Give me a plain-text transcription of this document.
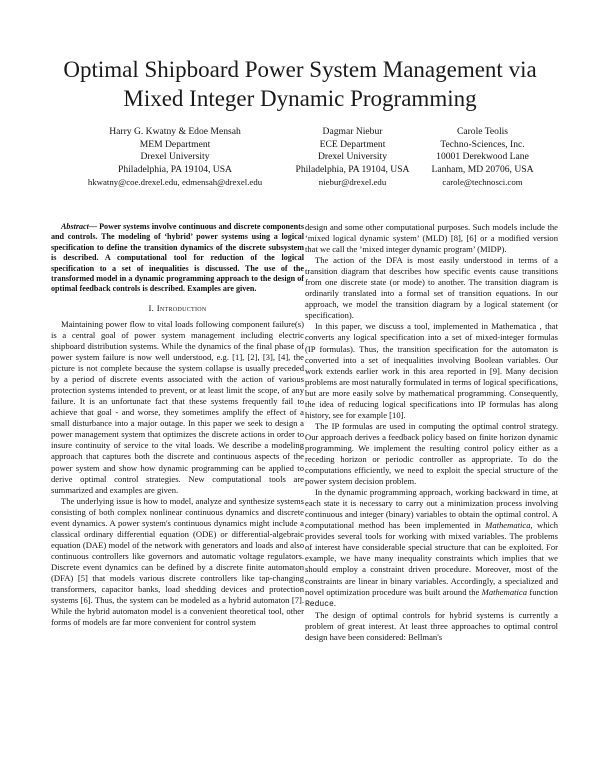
Optimal Shipboard Power System Management via
Mixed Integer Dynamic Programming
Harry G. Kwatny & Edoe Mensah
MEM Department
Drexel University
Philadelphia, PA 19104, USA
hkwatny@coe.drexel.edu, edmensah@drexel.edu
Dagmar Niebur
ECE Department
Drexel University
Philadelphia, PA 19104, USA
niebur@drexel.edu
Carole Teolis
Techno-Sciences, Inc.
10001 Derekwood Lane
Lanham, MD 20706, USA
carole@technosci.com

Abstract— Power systems involve continuous and discrete components and controls. The modeling of ‘hybrid’ power systems using a logical specification to define the transition dynamics of the discrete subsystem is described. A computational tool for reduction of the logical specification to a set of inequalities is discussed. The use of the transformed model in a dynamic programming approach to the design of optimal feedback controls is described. Examples are given.

I. Introduction

Maintaining power flow to vital loads following component failure(s) is a central goal of power system management including electric shipboard distribution systems. While the dynamics of the final phase of power system failure is now well understood, e.g. [1], [2], [3], [4], the picture is not complete because the system collapse is usually preceded by a period of discrete events associated with the action of various protection systems intended to prevent, or at least limit the scope, of any failure. It is an unfortunate fact that these systems frequently fail to achieve that goal - and worse, they sometimes amplify the effect of a small disturbance into a major outage. In this paper we seek to design a power management system that optimizes the discrete actions in order to insure continuity of service to the vital loads. We describe a modeling approach that captures both the discrete and continuous aspects of the power system and show how dynamic programming can be applied to derive optimal control strategies. New computational tools are summarized and examples are given.

The underlying issue is how to model, analyze and synthesize systems consisting of both complex nonlinear continuous dynamics and discrete event dynamics. A power system's continuous dynamics might include a classical ordinary differential equation (ODE) or differential-algebraic equation (DAE) model of the network with generators and loads and also continuous controllers like governors and automatic voltage regulators. Discrete event dynamics can be defined by a discrete finite automaton (DFA) [5] that models various discrete controllers like tap-changing transformers, capacitor banks, load shedding devices and protection systems [6]. Thus, the system can be modeled as a hybrid automaton [7]. While the hybrid automaton model is a convenient theoretical tool, other forms of models are far more convenient for control system

design and some other computational purposes. Such models include the ‘mixed logical dynamic system’ (MLD) [8], [6] or a modified version that we call the ’mixed integer dynamic program’ (MIDP).

The action of the DFA is most easily understood in terms of a transition diagram that describes how specific events cause transitions from one discrete state (or mode) to another. The transition diagram is ordinarily translated into a formal set of transition equations. In our approach, we model the transition diagram by a logical statement (or specification).

In this paper, we discuss a tool, implemented in Mathematica , that converts any logical specification into a set of mixed-integer formulas (IP formulas). Thus, the transition specification for the automaton is converted into a set of inequalities involving Boolean variables. Our work extends earlier work in this area reported in [9]. Many decision problems are most naturally formulated in terms of logical specifications, but are more easily solve by mathematical programming. Consequently, the idea of reducing logical specifications into IP formulas has along history, see for example [10].

The IP formulas are used in computing the optimal control strategy. Our approach derives a feedback policy based on finite horizon dynamic programming. We implement the resulting control policy either as a receding horizon or periodic controller as appropriate. To do the computations efficiently, we need to exploit the special structure of the power system decision problem.

In the dynamic programming approach, working backward in time, at each state it is necessary to carry out a minimization process involving continuous and integer (binary) variables to obtain the optimal control. A computational method has been implemented in Mathematica, which provides several tools for working with mixed variables. The problems of interest have considerable special structure that can be exploited. For example, we have many inequality constraints which implies that we should employ a constraint driven procedure. Moreover, most of the constraints are linear in binary variables. Accordingly, a specialized and novel optimization procedure was built around the Mathematica function Reduce.

The design of optimal controls for hybrid systems is currently a problem of great interest. At least three approaches to optimal control design have been considered: Bellman's
